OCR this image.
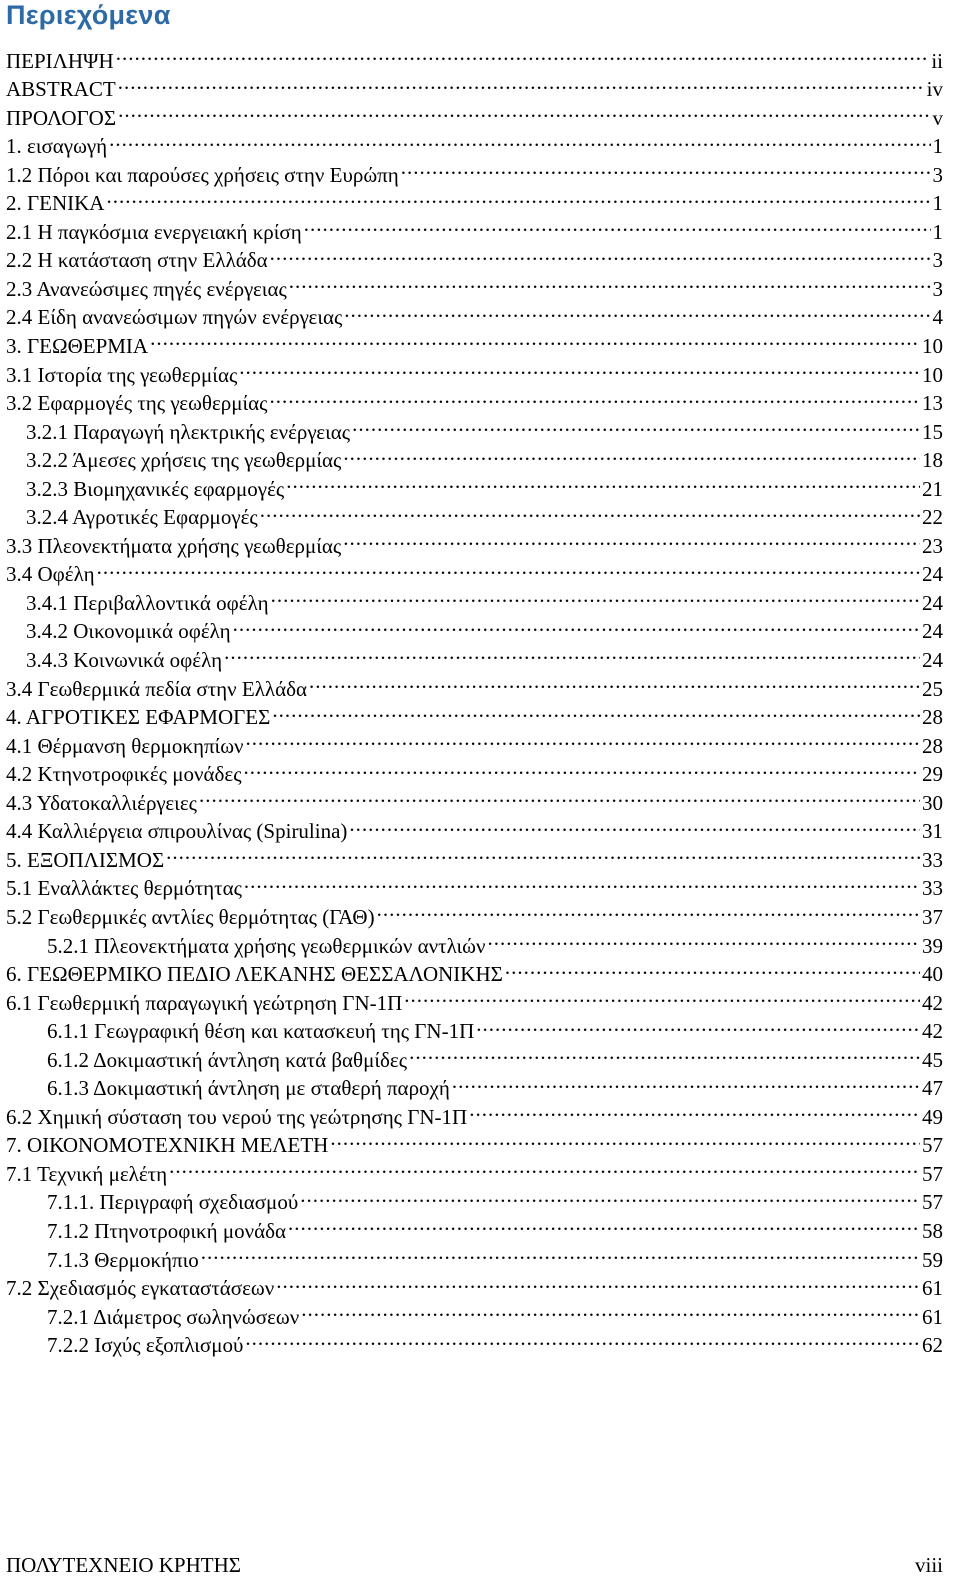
Περιεχόμενα
ΠΕΡΙΛΗΨΗ .....	ii
ABSTRACT .....	iv
ΠΡΟΛΟΓΟΣ .....	v
1. εισαγωγή .....	1
1.2 Πόροι και παρούσες χρήσεις στην Ευρώπη .....	3
2. ΓΕΝΙΚΑ .....	1
2.1 Η παγκόσμια ενεργειακή κρίση .....	1
2.2 Η κατάσταση στην Ελλάδα .....	3
2.3 Ανανεώσιμες πηγές ενέργειας .....	3
2.4 Είδη ανανεώσιμων πηγών ενέργειας .....	4
3. ΓΕΩΘΕΡΜΙΑ .....	10
3.1 Ιστορία της γεωθερμίας .....	10
3.2 Εφαρμογές της γεωθερμίας .....	13
3.2.1 Παραγωγή ηλεκτρικής ενέργειας .....	15
3.2.2 Άμεσες χρήσεις της γεωθερμίας .....	18
3.2.3 Βιομηχανικές εφαρμογές .....	21
3.2.4 Αγροτικές Εφαρμογές .....	22
3.3 Πλεονεκτήματα χρήσης γεωθερμίας .....	23
3.4 Οφέλη .....	24
3.4.1 Περιβαλλοντικά οφέλη .....	24
3.4.2 Οικονομικά οφέλη .....	24
3.4.3 Κοινωνικά οφέλη .....	24
3.4 Γεωθερμικά πεδία στην Ελλάδα .....	25
4. ΑΓΡΟΤΙΚΕΣ ΕΦΑΡΜΟΓΕΣ .....	28
4.1 Θέρμανση θερμοκηπίων .....	28
4.2 Κτηνοτροφικές μονάδες .....	29
4.3 Υδατοκαλλιέργειες .....	30
4.4 Καλλιέργεια σπιρουλίνας (Spirulina) .....	31
5. ΕΞΟΠΛΙΣΜΟΣ .....	33
5.1 Εναλλάκτες θερμότητας .....	33
5.2 Γεωθερμικές αντλίες θερμότητας (ΓΑΘ) .....	37
5.2.1 Πλεονεκτήματα χρήσης γεωθερμικών αντλιών .....	39
6. ΓΕΩΘΕΡΜΙΚΟ ΠΕΔΙΟ ΛΕΚΑΝΗΣ ΘΕΣΣΑΛΟΝΙΚΗΣ .....	40
6.1 Γεωθερμική παραγωγική γεώτρηση ΓΝ-1Π .....	42
6.1.1 Γεωγραφική θέση και κατασκευή της ΓΝ-1Π .....	42
6.1.2 Δοκιμαστική άντληση κατά βαθμίδες .....	45
6.1.3 Δοκιμαστική άντληση με σταθερή παροχή .....	47
6.2 Χημική σύσταση του νερού της γεώτρησης ΓΝ-1Π .....	49
7. ΟΙΚΟΝΟΜΟΤΕΧΝΙΚΗ ΜΕΛΕΤΗ .....	57
7.1 Τεχνική μελέτη .....	57
7.1.1. Περιγραφή σχεδιασμού .....	57
7.1.2 Πτηνοτροφική μονάδα .....	58
7.1.3 Θερμοκήπιο .....	59
7.2 Σχεδιασμός εγκαταστάσεων .....	61
7.2.1 Διάμετρος σωληνώσεων .....	61
7.2.2 Ισχύς εξοπλισμού .....	62
ΠΟΛΥΤΕΧΝΕΙΟ ΚΡΗΤΗΣ	viii
